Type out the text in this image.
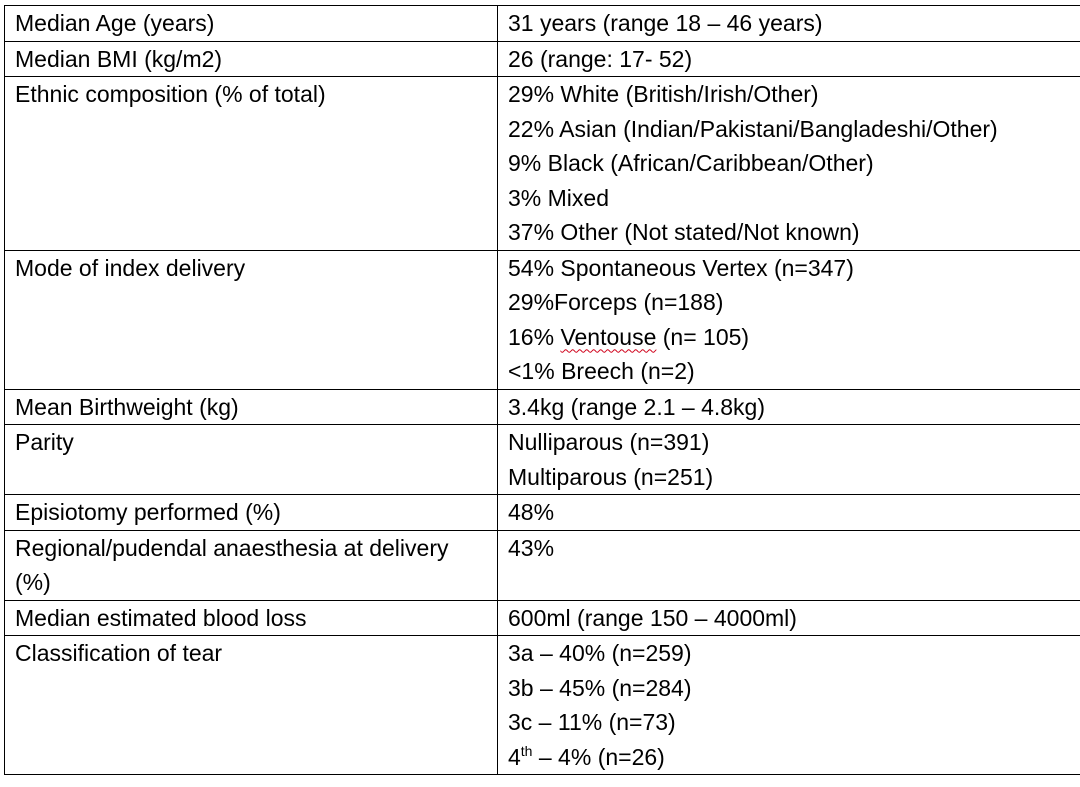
Median Age (years)	31 years (range 18 – 46 years)

Median BMI (kg/m2)	26 (range: 17- 52)

Ethnic composition (% of total)	29% White (British/Irish/Other)
22% Asian (Indian/Pakistani/Bangladeshi/Other)
9% Black (African/Caribbean/Other)
3% Mixed
37% Other (Not stated/Not known)

Mode of index delivery	54% Spontaneous Vertex (n=347)
29%Forceps (n=188)
16% Ventouse (n= 105)
<1% Breech (n=2)

Mean Birthweight (kg)	3.4kg (range 2.1 – 4.8kg)

Parity	Nulliparous (n=391)
Multiparous (n=251)

Episiotomy performed (%)	48%

Regional/pudendal anaesthesia at delivery (%)	43%

Median estimated blood loss	600ml (range 150 – 4000ml)

Classification of tear	3a – 40% (n=259)
3b – 45% (n=284)
3c – 11% (n=73)
4th – 4% (n=26)
